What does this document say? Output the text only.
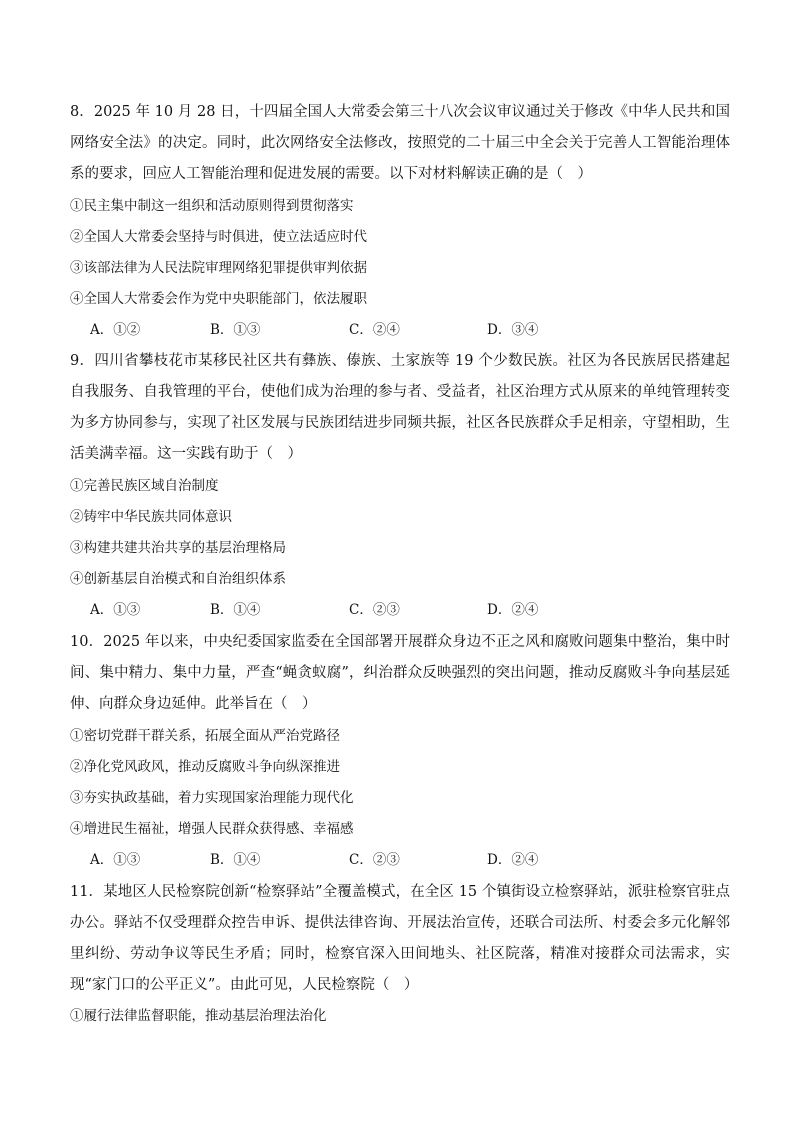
8．2025 年 10 月 28 日，十四届全国人大常委会第三十八次会议审议通过关于修改《中华人民共和国网络安全法》的决定。同时，此次网络安全法修改，按照党的二十届三中全会关于完善人工智能治理体系的要求，回应人工智能治理和促进发展的需要。以下对材料解读正确的是（　）
①民主集中制这一组织和活动原则得到贯彻落实
②全国人大常委会坚持与时俱进，使立法适应时代
③该部法律为人民法院审理网络犯罪提供审判依据
④全国人大常委会作为党中央职能部门，依法履职
A．①②	B．①③	C．②④	D．③④
9．四川省攀枝花市某移民社区共有彝族、傣族、土家族等 19 个少数民族。社区为各民族居民搭建起自我服务、自我管理的平台，使他们成为治理的参与者、受益者，社区治理方式从原来的单纯管理转变为多方协同参与，实现了社区发展与民族团结进步同频共振，社区各民族群众手足相亲，守望相助，生活美满幸福。这一实践有助于（　）
①完善民族区域自治制度
②铸牢中华民族共同体意识
③构建共建共治共享的基层治理格局
④创新基层自治模式和自治组织体系
A．①③	B．①④	C．②③	D．②④
10．2025 年以来，中央纪委国家监委在全国部署开展群众身边不正之风和腐败问题集中整治，集中时间、集中精力、集中力量，严查“蝇贪蚁腐”，纠治群众反映强烈的突出问题，推动反腐败斗争向基层延伸、向群众身边延伸。此举旨在（　）
①密切党群干群关系，拓展全面从严治党路径
②净化党风政风，推动反腐败斗争向纵深推进
③夯实执政基础，着力实现国家治理能力现代化
④增进民生福祉，增强人民群众获得感、幸福感
A．①③	B．①④	C．②③	D．②④
11．某地区人民检察院创新“检察驿站”全覆盖模式，在全区 15 个镇街设立检察驿站，派驻检察官驻点办公。驿站不仅受理群众控告申诉、提供法律咨询、开展法治宣传，还联合司法所、村委会多元化解邻里纠纷、劳动争议等民生矛盾；同时，检察官深入田间地头、社区院落，精准对接群众司法需求，实现“家门口的公平正义”。由此可见，人民检察院（　）
①履行法律监督职能，推动基层治理法治化
